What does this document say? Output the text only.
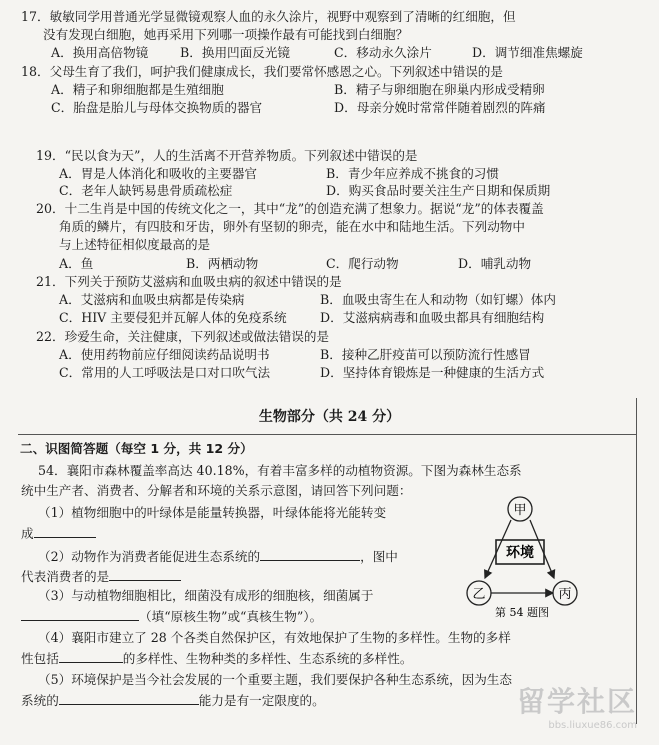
17．敏敏同学用普通光学显微镜观察人血的永久涂片，视野中观察到了清晰的红细胞，但
没有发现白细胞，她再采用下列哪一项操作最有可能找到白细胞？
A．换用高倍物镜	B．换用凹面反光镜	C．移动永久涂片	D．调节细准焦螺旋
18．父母生育了我们，呵护我们健康成长，我们要常怀感恩之心。下列叙述中错误的是
A．精子和卵细胞都是生殖细胞	B．精子与卵细胞在卵巢内形成受精卵
C．胎盘是胎儿与母体交换物质的器官	D．母亲分娩时常常伴随着剧烈的阵痛
19．“民以食为天”，人的生活离不开营养物质。下列叙述中错误的是
A．胃是人体消化和吸收的主要器官	B．青少年应养成不挑食的习惯
C．老年人缺钙易患骨质疏松症	D．购买食品时要关注生产日期和保质期
20．十二生肖是中国的传统文化之一，其中“龙”的创造充满了想象力。据说“龙”的体表覆盖
角质的鳞片，有四肢和牙齿，卵外有坚韧的卵壳，能在水中和陆地生活。下列动物中
与上述特征相似度最高的是
A．鱼	B．两栖动物	C．爬行动物	D．哺乳动物
21．下列关于预防艾滋病和血吸虫病的叙述中错误的是
A．艾滋病和血吸虫病都是传染病	B．血吸虫寄生在人和动物（如钉螺）体内
C．HIV 主要侵犯并瓦解人体的免疫系统	D．艾滋病病毒和血吸虫都具有细胞结构
22．珍爱生命，关注健康，下列叙述或做法错误的是
A．使用药物前应仔细阅读药品说明书	B．接种乙肝疫苗可以预防流行性感冒
C．常用的人工呼吸法是口对口吹气法	D．坚持体育锻炼是一种健康的生活方式
生物部分（共 24 分）
二、识图简答题（每空 1 分，共 12 分）
54．襄阳市森林覆盖率高达 40.18%，有着丰富多样的动植物资源。下图为森林生态系
统中生产者、消费者、分解者和环境的关系示意图，请回答下列问题：
（1）植物细胞中的叶绿体是能量转换器，叶绿体能将光能转变
成
（2）动物作为消费者能促进生态系统的	，图中
代表消费者的是
（3）与动植物细胞相比，细菌没有成形的细胞核，细菌属于
（填“原核生物”或“真核生物”）。
（4）襄阳市建立了 28 个各类自然保护区，有效地保护了生物的多样性。生物的多样
性包括	的多样性、生物种类的多样性、生态系统的多样性。
（5）环境保护是当今社会发展的一个重要主题，我们要保护各种生态系统，因为生态
系统的	能力是有一定限度的。
环境
甲
乙	丙
第 54 题图
留学社区
bbs.liuxue86.com
